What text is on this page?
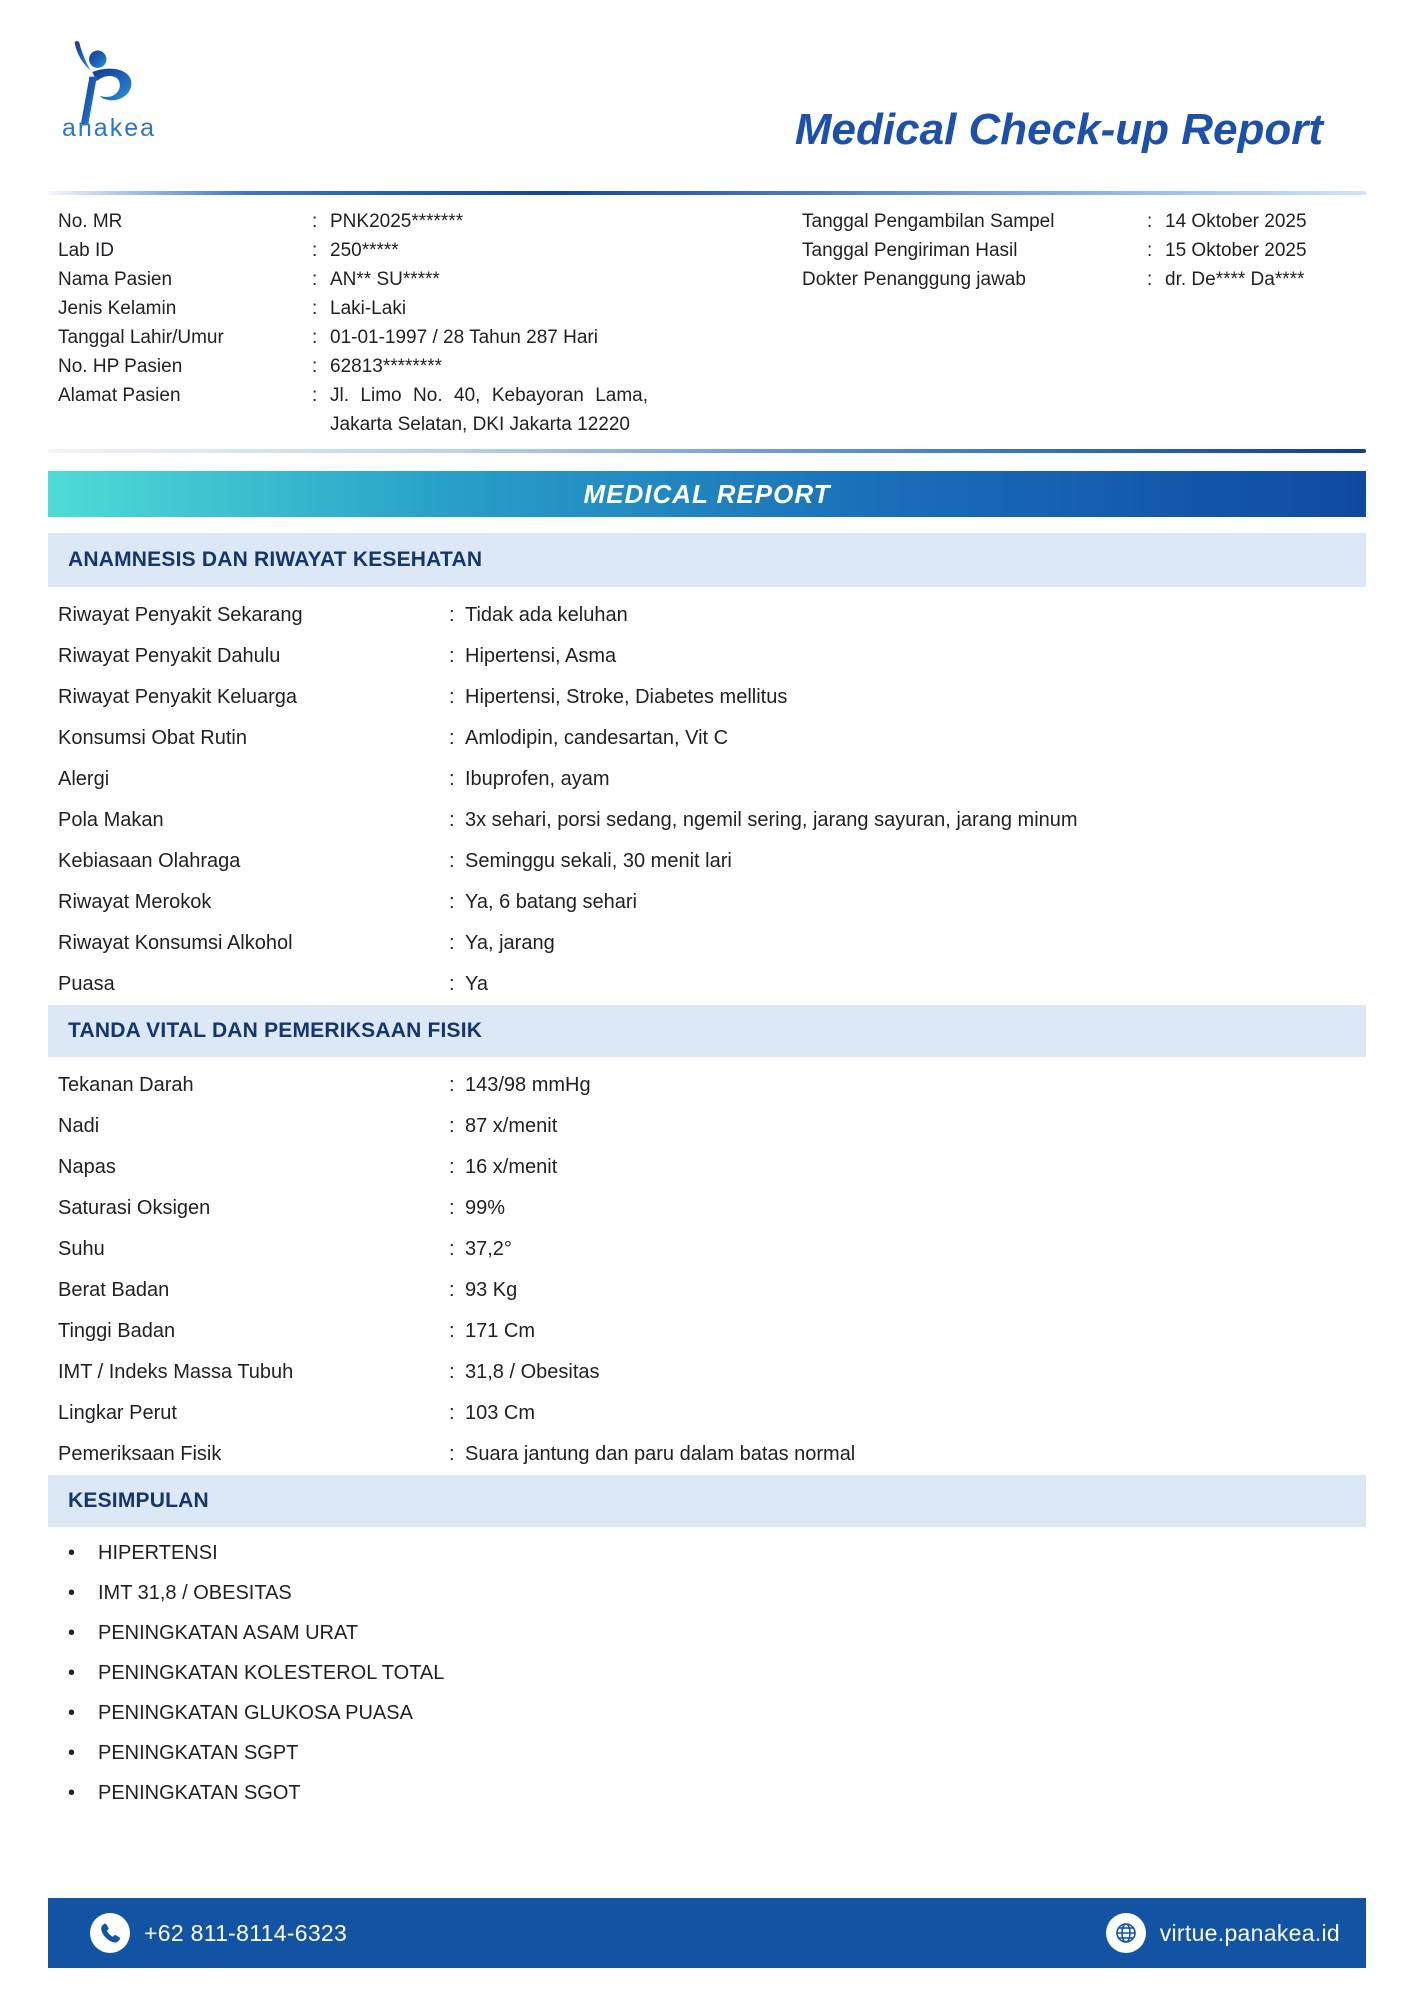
anakea	Medical Check-up Report
No. MR	: PNK2025*******
Lab ID	: 250*****
Nama Pasien	: AN** SU*****
Jenis Kelamin	: Laki-Laki
Tanggal Lahir/Umur	: 01-01-1997 / 28 Tahun 287 Hari
No. HP Pasien	: 62813********
Alamat Pasien	: Jl. Limo No. 40, Kebayoran Lama, Jakarta Selatan, DKI Jakarta 12220
Tanggal Pengambilan Sampel	: 14 Oktober 2025
Tanggal Pengiriman Hasil	: 15 Oktober 2025
Dokter Penanggung jawab	: dr. De**** Da****
MEDICAL REPORT
ANAMNESIS DAN RIWAYAT KESEHATAN
Riwayat Penyakit Sekarang	: Tidak ada keluhan
Riwayat Penyakit Dahulu	: Hipertensi, Asma
Riwayat Penyakit Keluarga	: Hipertensi, Stroke, Diabetes mellitus
Konsumsi Obat Rutin	: Amlodipin, candesartan, Vit C
Alergi	: Ibuprofen, ayam
Pola Makan	: 3x sehari, porsi sedang, ngemil sering, jarang sayuran, jarang minum
Kebiasaan Olahraga	: Seminggu sekali, 30 menit lari
Riwayat Merokok	: Ya, 6 batang sehari
Riwayat Konsumsi Alkohol	: Ya, jarang
Puasa	: Ya
TANDA VITAL DAN PEMERIKSAAN FISIK
Tekanan Darah	: 143/98 mmHg
Nadi	: 87 x/menit
Napas	: 16 x/menit
Saturasi Oksigen	: 99%
Suhu	: 37,2°
Berat Badan	: 93 Kg
Tinggi Badan	: 171 Cm
IMT / Indeks Massa Tubuh	: 31,8 / Obesitas
Lingkar Perut	: 103 Cm
Pemeriksaan Fisik	: Suara jantung dan paru dalam batas normal
KESIMPULAN
•	HIPERTENSI
•	IMT 31,8 / OBESITAS
•	PENINGKATAN ASAM URAT
•	PENINGKATAN KOLESTEROL TOTAL
•	PENINGKATAN GLUKOSA PUASA
•	PENINGKATAN SGPT
•	PENINGKATAN SGOT
+62 811-8114-6323	virtue.panakea.id
